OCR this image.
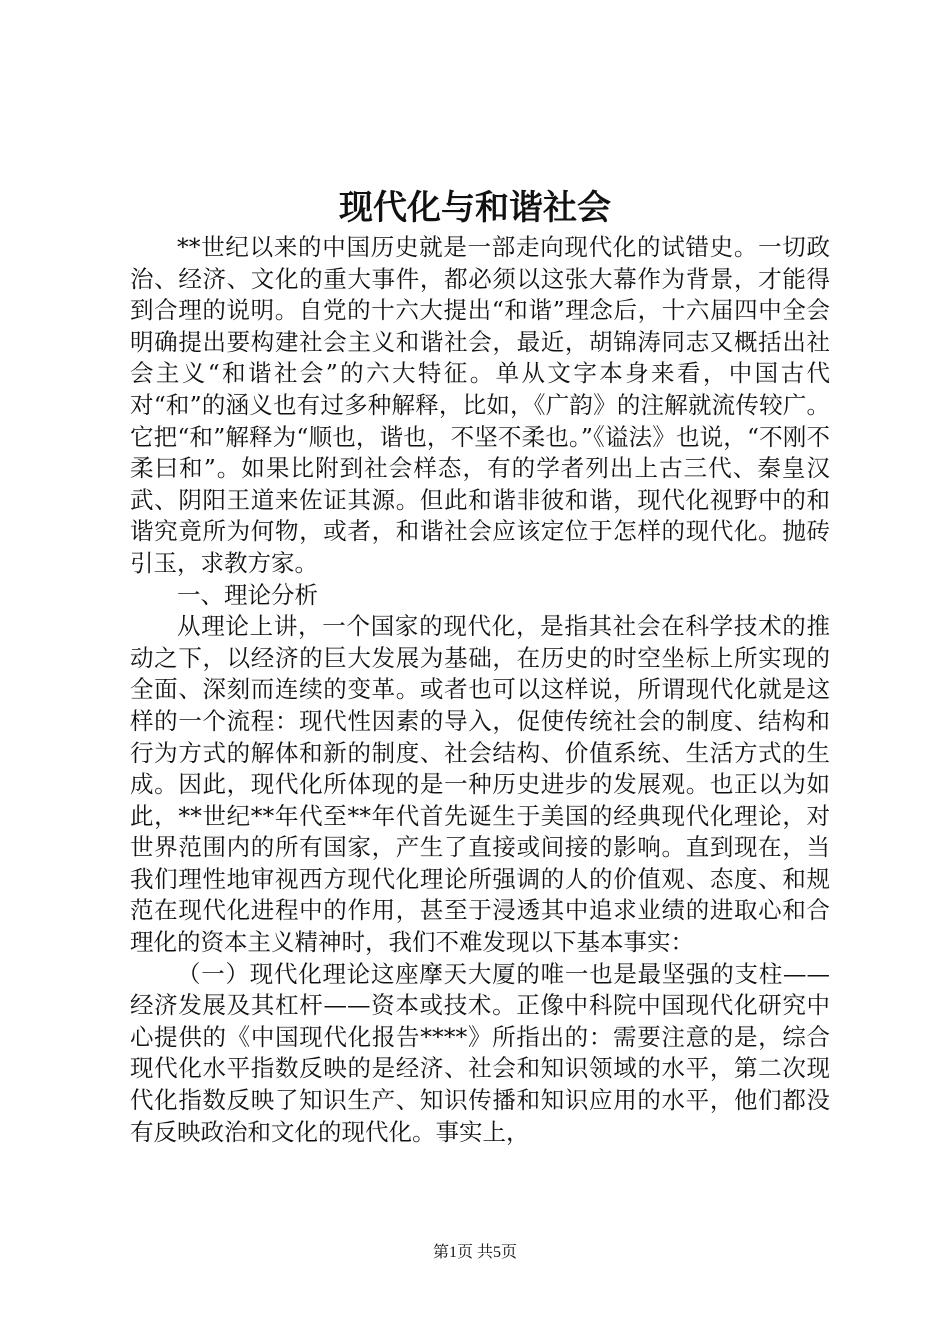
现代化与和谐社会

**世纪以来的中国历史就是一部走向现代化的试错史。一切政治、经济、文化的重大事件，都必须以这张大幕作为背景，才能得到合理的说明。自党的十六大提出“和谐”理念后，十六届四中全会明确提出要构建社会主义和谐社会，最近，胡锦涛同志又概括出社会主义“和谐社会”的六大特征。单从文字本身来看，中国古代对“和”的涵义也有过多种解释，比如，《广韵》的注解就流传较广。它把“和”解释为“顺也，谐也，不坚不柔也。”《谥法》也说，“不刚不柔曰和”。如果比附到社会样态，有的学者列出上古三代、秦皇汉武、阴阳王道来佐证其源。但此和谐非彼和谐，现代化视野中的和谐究竟所为何物，或者，和谐社会应该定位于怎样的现代化。抛砖引玉，求教方家。

一、理论分析

从理论上讲，一个国家的现代化，是指其社会在科学技术的推动之下，以经济的巨大发展为基础，在历史的时空坐标上所实现的全面、深刻而连续的变革。或者也可以这样说，所谓现代化就是这样的一个流程：现代性因素的导入，促使传统社会的制度、结构和行为方式的解体和新的制度、社会结构、价值系统、生活方式的生成。因此，现代化所体现的是一种历史进步的发展观。也正以为如此，**世纪**年代至**年代首先诞生于美国的经典现代化理论，对世界范围内的所有国家，产生了直接或间接的影响。直到现在，当我们理性地审视西方现代化理论所强调的人的价值观、态度、和规范在现代化进程中的作用，甚至于浸透其中追求业绩的进取心和合理化的资本主义精神时，我们不难发现以下基本事实：

（一）现代化理论这座摩天大厦的唯一也是最坚强的支柱——经济发展及其杠杆——资本或技术。正像中科院中国现代化研究中心提供的《中国现代化报告****》所指出的：需要注意的是，综合现代化水平指数反映的是经济、社会和知识领域的水平，第二次现代化指数反映了知识生产、知识传播和知识应用的水平，他们都没有反映政治和文化的现代化。事实上，

第1页 共5页
